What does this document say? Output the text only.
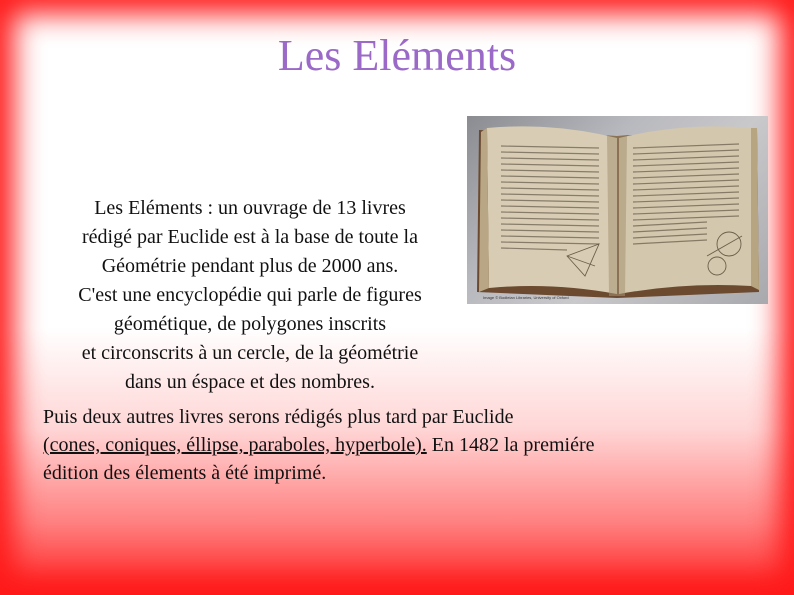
Les Eléments
Les Eléments : un ouvrage de 13 livres
rédigé par Euclide est à la base de toute la
Géométrie pendant plus de 2000 ans.
C'est une encyclopédie qui parle de figures
géométique, de polygones inscrits
et circonscrits à un cercle, de la géométrie
dans un éspace et des nombres.
Image © Bodleian Libraries, University of Oxford
Puis deux autres livres serons rédigés plus tard par Euclide
(cones, coniques, éllipse, paraboles, hyperbole). En 1482 la premiére
édition des élements à été imprimé.
